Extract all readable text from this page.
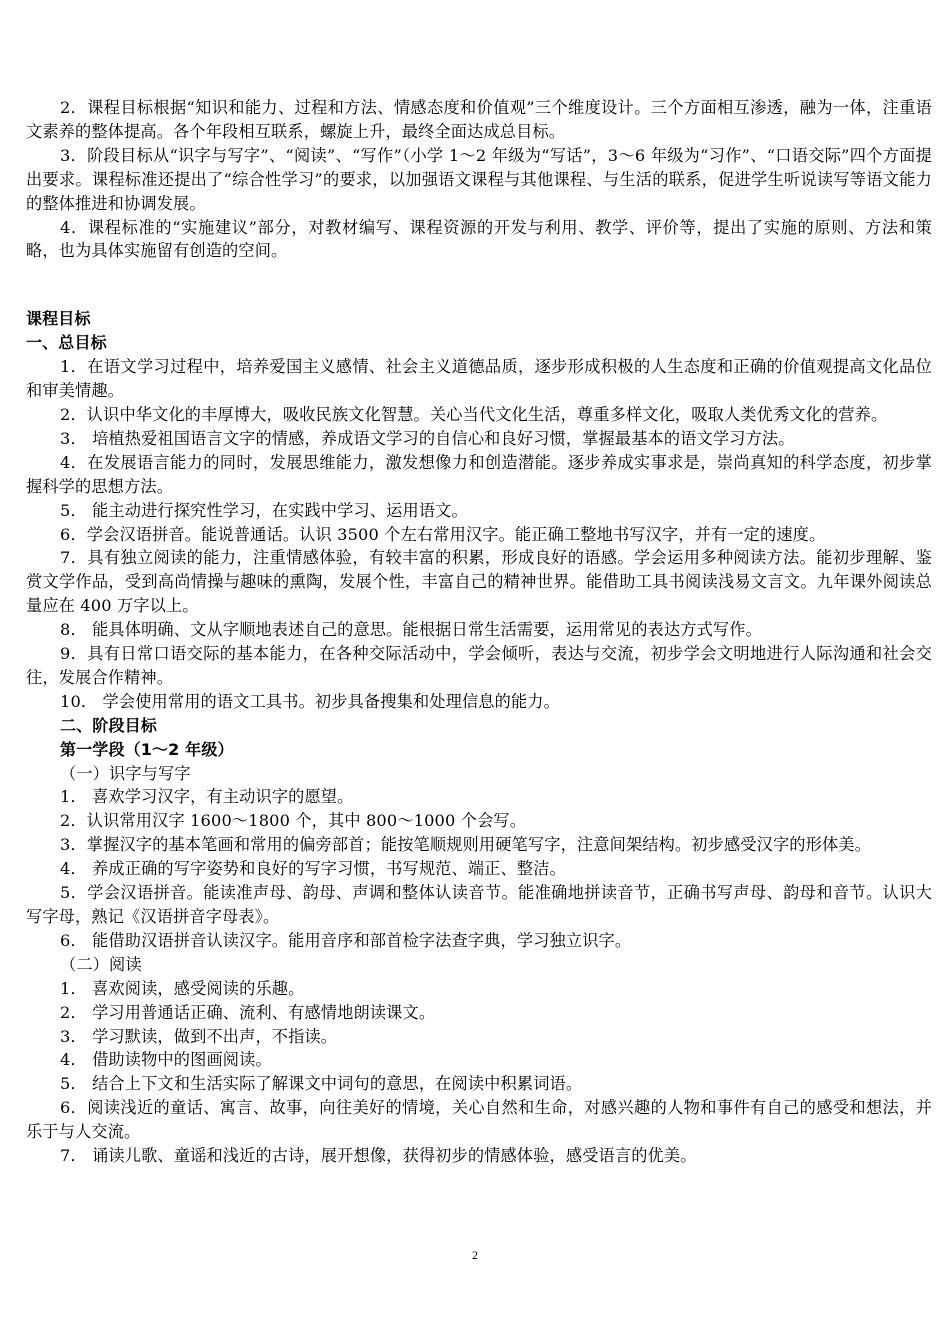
2．课程目标根据“知识和能力、过程和方法、情感态度和价值观”三个维度设计。三个方面相互渗透，融为一体，注重语文素养的整体提高。各个年段相互联系，螺旋上升，最终全面达成总目标。

3．阶段目标从“识字与写字”、“阅读”、“写作”（小学 1～2 年级为“写话”，3～6 年级为“习作”、“口语交际”四个方面提出要求。课程标准还提出了“综合性学习”的要求，以加强语文课程与其他课程、与生活的联系，促进学生听说读写等语文能力的整体推进和协调发展。

4．课程标准的“实施建议”部分，对教材编写、课程资源的开发与利用、教学、评价等，提出了实施的原则、方法和策略，也为具体实施留有创造的空间。

课程目标

一、总目标

1．在语文学习过程中，培养爱国主义感情、社会主义道德品质，逐步形成积极的人生态度和正确的价值观提高文化品位和审美情趣。

2．认识中华文化的丰厚博大，吸收民族文化智慧。关心当代文化生活，尊重多样文化，吸取人类优秀文化的营养。

3． 培植热爱祖国语言文字的情感，养成语文学习的自信心和良好习惯，掌握最基本的语文学习方法。

4．在发展语言能力的同时，发展思维能力，激发想像力和创造潜能。逐步养成实事求是，崇尚真知的科学态度，初步掌握科学的思想方法。

5． 能主动进行探究性学习，在实践中学习、运用语文。

6．学会汉语拼音。能说普通话。认识 3500 个左右常用汉字。能正确工整地书写汉字，并有一定的速度。

7．具有独立阅读的能力，注重情感体验，有较丰富的积累，形成良好的语感。学会运用多种阅读方法。能初步理解、鉴赏文学作品，受到高尚情操与趣味的熏陶，发展个性，丰富自己的精神世界。能借助工具书阅读浅易文言文。九年课外阅读总量应在 400 万字以上。

8． 能具体明确、文从字顺地表述自己的意思。能根据日常生活需要，运用常见的表达方式写作。

9．具有日常口语交际的基本能力，在各种交际活动中，学会倾听，表达与交流，初步学会文明地进行人际沟通和社会交往，发展合作精神。

10． 学会使用常用的语文工具书。初步具备搜集和处理信息的能力。

二、阶段目标

第一学段（1～2 年级）

（一）识字与写字

1． 喜欢学习汉字，有主动识字的愿望。

2．认识常用汉字 1600～1800 个，其中 800～1000 个会写。

3．掌握汉字的基本笔画和常用的偏旁部首；能按笔顺规则用硬笔写字，注意间架结构。初步感受汉字的形体美。

4． 养成正确的写字姿势和良好的写字习惯，书写规范、端正、整洁。

5．学会汉语拼音。能读准声母、韵母、声调和整体认读音节。能准确地拼读音节，正确书写声母、韵母和音节。认识大写字母，熟记《汉语拼音字母表》。

6． 能借助汉语拼音认读汉字。能用音序和部首检字法查字典，学习独立识字。

（二）阅读

1． 喜欢阅读，感受阅读的乐趣。

2． 学习用普通话正确、流利、有感情地朗读课文。

3． 学习默读，做到不出声，不指读。

4． 借助读物中的图画阅读。

5． 结合上下文和生活实际了解课文中词句的意思，在阅读中积累词语。

6．阅读浅近的童话、寓言、故事，向往美好的情境，关心自然和生命，对感兴趣的人物和事件有自己的感受和想法，并乐于与人交流。

7． 诵读儿歌、童谣和浅近的古诗，展开想像，获得初步的情感体验，感受语言的优美。

2
